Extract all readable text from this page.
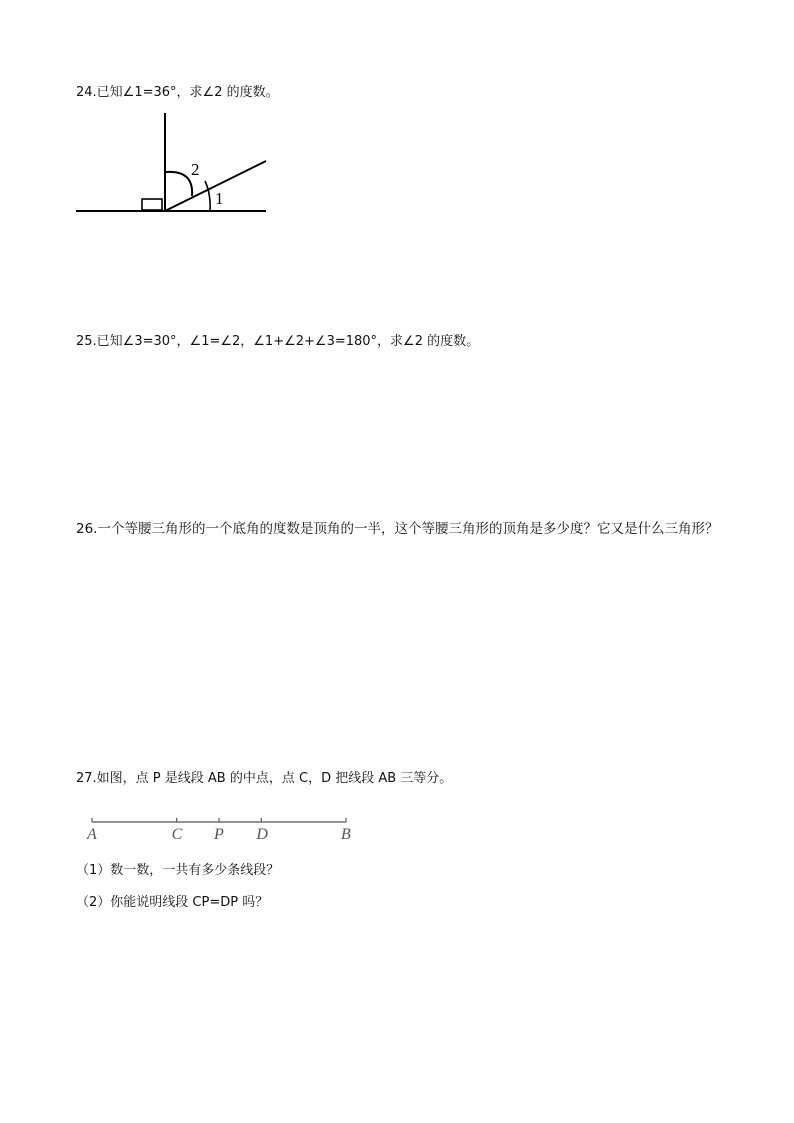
24.已知∠1=36°，求∠2 的度数。
2
1
25.已知∠3=30°，∠1=∠2，∠1+∠2+∠3=180°，求∠2 的度数。
26.一个等腰三角形的一个底角的度数是顶角的一半，这个等腰三角形的顶角是多少度？它又是什么三角形？
27.如图，点 P 是线段 AB 的中点，点 C，D 把线段 AB 三等分。
A	C P D	B
（1）数一数，一共有多少条线段？
（2）你能说明线段 CP=DP 吗？
